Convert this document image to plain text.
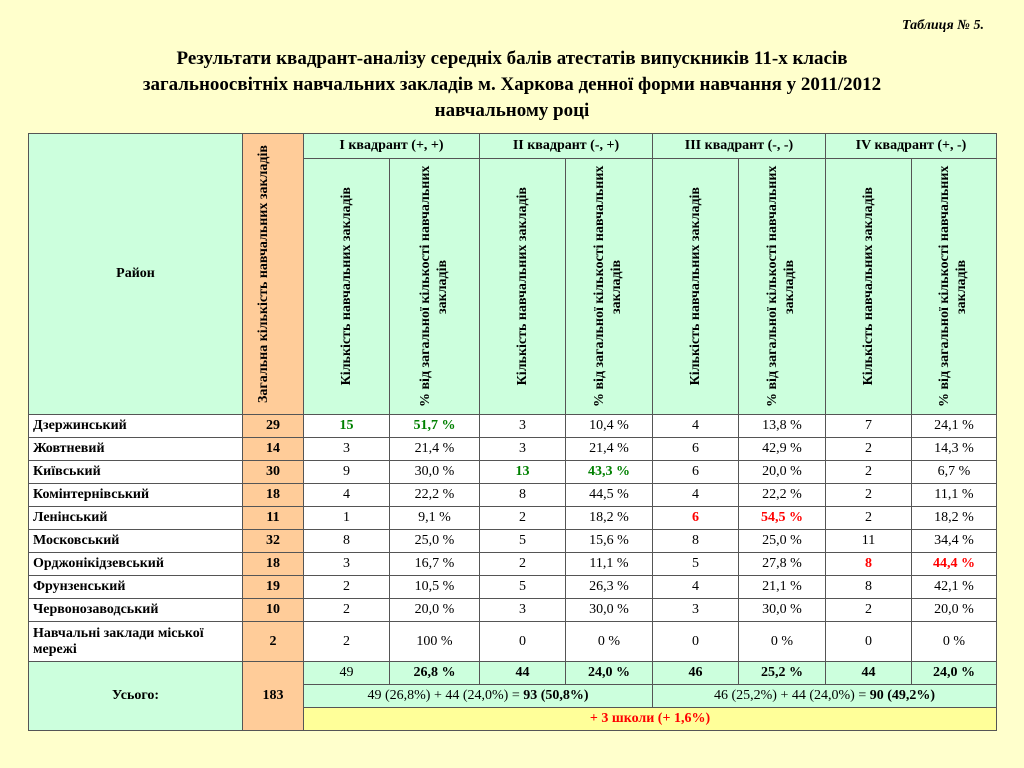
Таблиця № 5.
Результати квадрант-аналізу середніх балів атестатів випускників 11-х класів
загальноосвітніх навчальних закладів м. Харкова денної форми навчання у 2011/2012
навчальному році
Район	Загальна кількість навчальних закладів	I квадрант (+, +)		II квадрант (-, +)		III квадрант (-, -)		IV квадрант (+, -)	

		Кількість навчальних закладів	% від загальної кількості навчальних закладів	Кількість навчальних закладів	% від загальної кількості навчальних закладів	Кількість навчальних закладів	% від загальної кількості навчальних закладів	Кількість навчальних закладів	% від загальної кількості навчальних закладів

Дзержинський	29	15	51,7 %	3	10,4 %	4	13,8 %	7	24,1 %
Жовтневий	14	3	21,4 %	3	21,4 %	6	42,9 %	2	14,3 %
Київський	30	9	30,0 %	13	43,3 %	6	20,0 %	2	6,7 %
Комінтернівський	18	4	22,2 %	8	44,5 %	4	22,2 %	2	11,1 %
Ленінський	11	1	9,1 %	2	18,2 %	6	54,5 %	2	18,2 %
Московський	32	8	25,0 %	5	15,6 %	8	25,0 %	11	34,4 %
Орджонікідзевський	18	3	16,7 %	2	11,1 %	5	27,8 %	8	44,4 %
Фрунзенський	19	2	10,5 %	5	26,3 %	4	21,1 %	8	42,1 %
Червонозаводський	10	2	20,0 %	3	30,0 %	3	30,0 %	2	20,0 %
Навчальні заклади міської мережі	2	2	100 %	0	0 %	0	0 %	0	0 %
Усього:	183	49	26,8 %	44	24,0 %	46	25,2 %	44	24,0 %
		49 (26,8%) + 44 (24,0%) = 93 (50,8%)				46 (25,2%) + 44 (24,0%) = 90 (49,2%)			
		+ 3 школи (+ 1,6%)							
